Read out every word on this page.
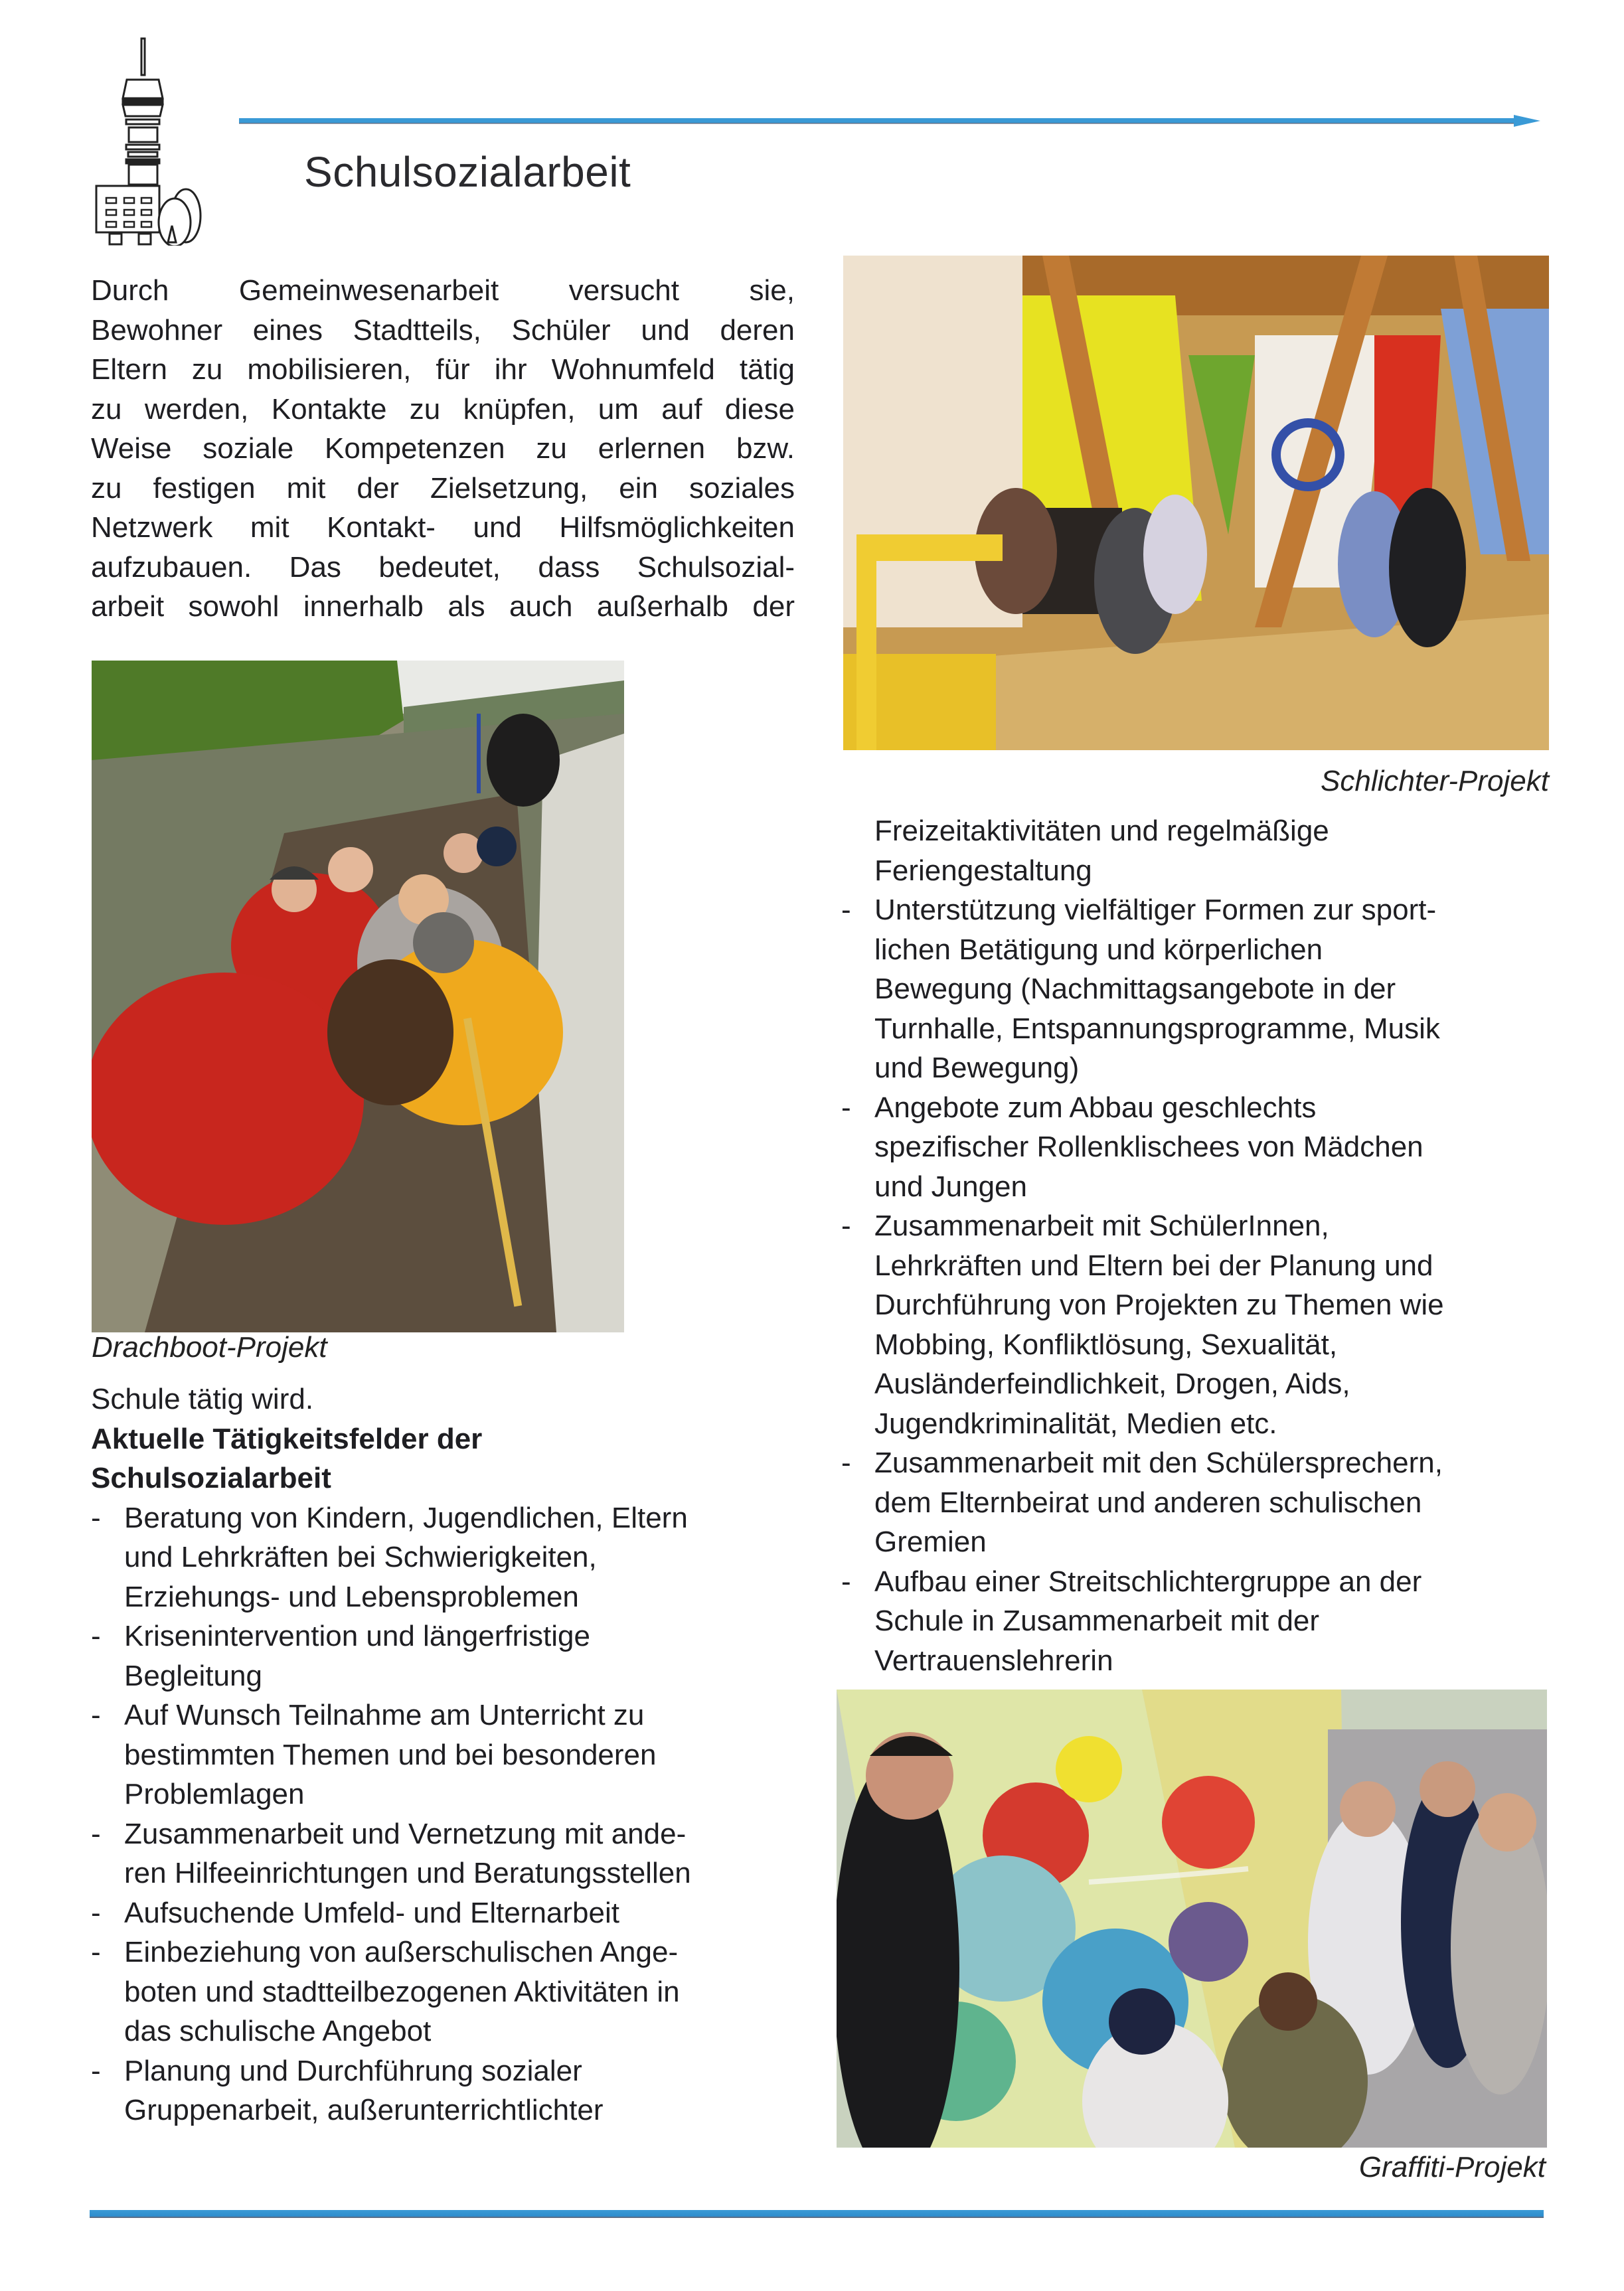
Schulsozialarbeit
Durch Gemeinwesenarbeit versucht sie,
Bewohner eines Stadtteils, Schüler und deren
Eltern zu mobilisieren, für ihr Wohnumfeld tätig
zu werden, Kontakte zu knüpfen, um auf diese
Weise soziale Kompetenzen zu erlernen bzw.
zu festigen mit der Zielsetzung, ein soziales
Netzwerk mit Kontakt- und Hilfsmöglichkeiten
aufzubauen. Das bedeutet, dass Schulsozial-
arbeit sowohl innerhalb als auch außerhalb der
Schlichter-Projekt
Drachboot-Projekt
Schule tätig wird.
Aktuelle Tätigkeitsfelder der
Schulsozialarbeit
- Beratung von Kindern, Jugendlichen, Eltern
und Lehrkräften bei Schwierigkeiten,
Erziehungs- und Lebensproblemen
- Krisenintervention und längerfristige
Begleitung
- Auf Wunsch Teilnahme am Unterricht zu
bestimmten Themen und bei besonderen
Problemlagen
- Zusammenarbeit und Vernetzung mit ande-
ren Hilfeeinrichtungen und Beratungsstellen
- Aufsuchende Umfeld- und Elternarbeit
- Einbeziehung von außerschulischen Ange-
boten und stadtteilbezogenen Aktivitäten in
das schulische Angebot
- Planung und Durchführung sozialer
Gruppenarbeit, außerunterrichtlichter
Freizeitaktivitäten und regelmäßige
Feriengestaltung
- Unterstützung vielfältiger Formen zur sport-
lichen Betätigung und körperlichen
Bewegung (Nachmittagsangebote in der
Turnhalle, Entspannungsprogramme, Musik
und Bewegung)
- Angebote zum Abbau geschlechts
spezifischer Rollenklischees von Mädchen
und Jungen
- Zusammenarbeit mit SchülerInnen,
Lehrkräften und Eltern bei der Planung und
Durchführung von Projekten zu Themen wie
Mobbing, Konfliktlösung, Sexualität,
Ausländerfeindlichkeit, Drogen, Aids,
Jugendkriminalität, Medien etc.
- Zusammenarbeit mit den Schülersprechern,
dem Elternbeirat und anderen schulischen
Gremien
- Aufbau einer Streitschlichtergruppe an der
Schule in Zusammenarbeit mit der
Vertrauenslehrerin
Graffiti-Projekt
